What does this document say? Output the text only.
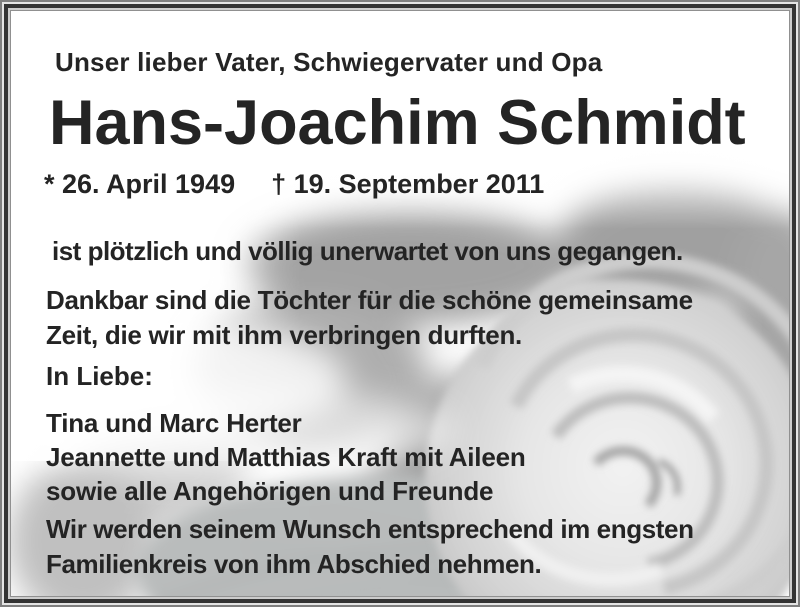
Unser lieber Vater, Schwiegervater und Opa
Hans-Joachim Schmidt
* 26. April 1949 † 19. September 2011
ist plötzlich und völlig unerwartet von uns gegangen.
Dankbar sind die Töchter für die schöne gemeinsame
Zeit, die wir mit ihm verbringen durften.
In Liebe:
Tina und Marc Herter
Jeannette und Matthias Kraft mit Aileen
sowie alle Angehörigen und Freunde
Wir werden seinem Wunsch entsprechend im engsten
Familienkreis von ihm Abschied nehmen.
